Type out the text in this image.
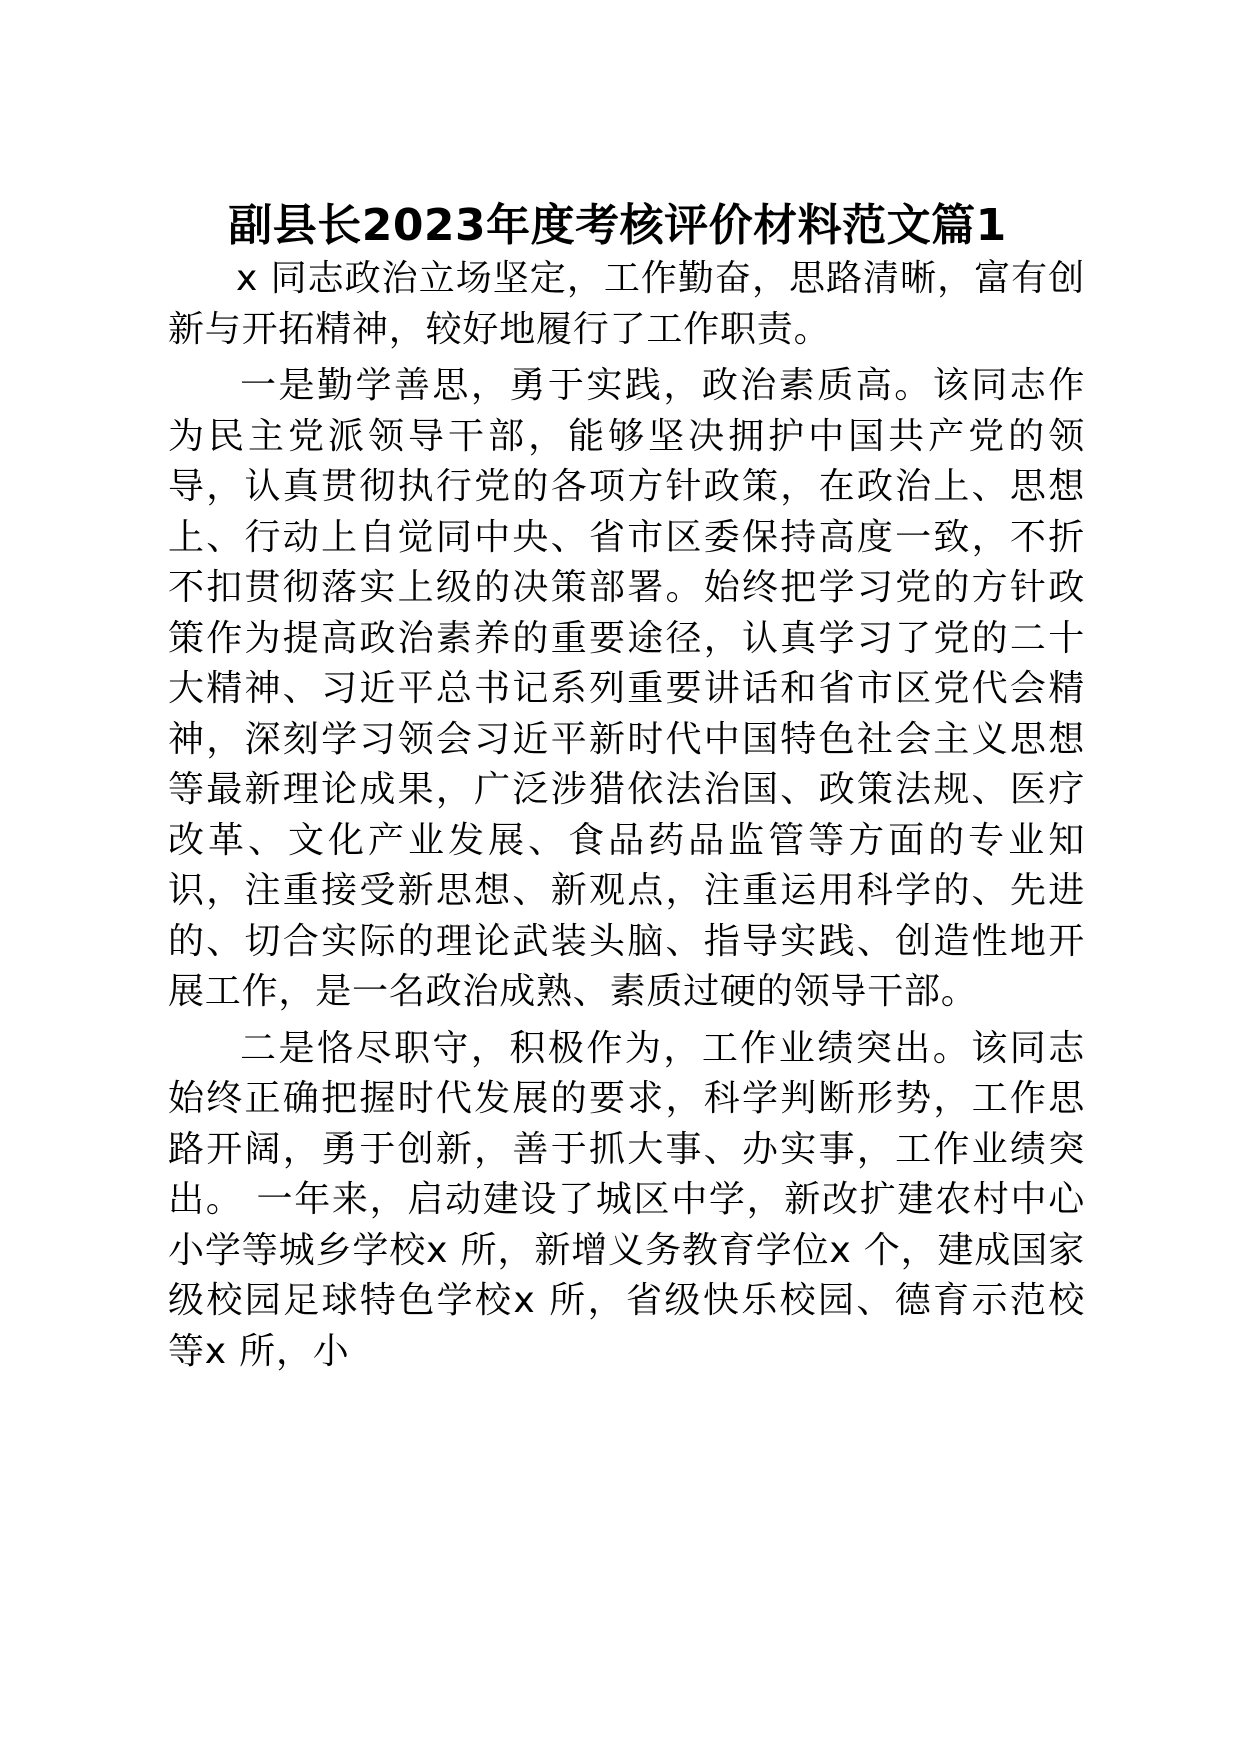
副县长2023年度考核评价材料范文篇1

x 同志政治立场坚定，工作勤奋，思路清晰，富有创新与开拓精神，较好地履行了工作职责。

一是勤学善思，勇于实践，政治素质高。该同志作为民主党派领导干部，能够坚决拥护中国共产党的领导，认真贯彻执行党的各项方针政策，在政治上、思想上、行动上自觉同中央、省市区委保持高度一致，不折不扣贯彻落实上级的决策部署。始终把学习党的方针政策作为提高政治素养的重要途径，认真学习了党的二十大精神、习近平总书记系列重要讲话和省市区党代会精神，深刻学习领会习近平新时代中国特色社会主义思想等最新理论成果，广泛涉猎依法治国、政策法规、医疗改革、文化产业发展、食品药品监管等方面的专业知识，注重接受新思想、新观点，注重运用科学的、先进的、切合实际的理论武装头脑、指导实践、创造性地开展工作，是一名政治成熟、素质过硬的领导干部。

二是恪尽职守，积极作为，工作业绩突出。该同志始终正确把握时代发展的要求，科学判断形势，工作思路开阔，勇于创新，善于抓大事、办实事，工作业绩突出。 一年来，启动建设了城区中学，新改扩建农村中心小学等城乡学校x 所，新增义务教育学位x 个，建成国家级校园足球特色学校x 所，省级快乐校园、德育示范校等x 所，小
